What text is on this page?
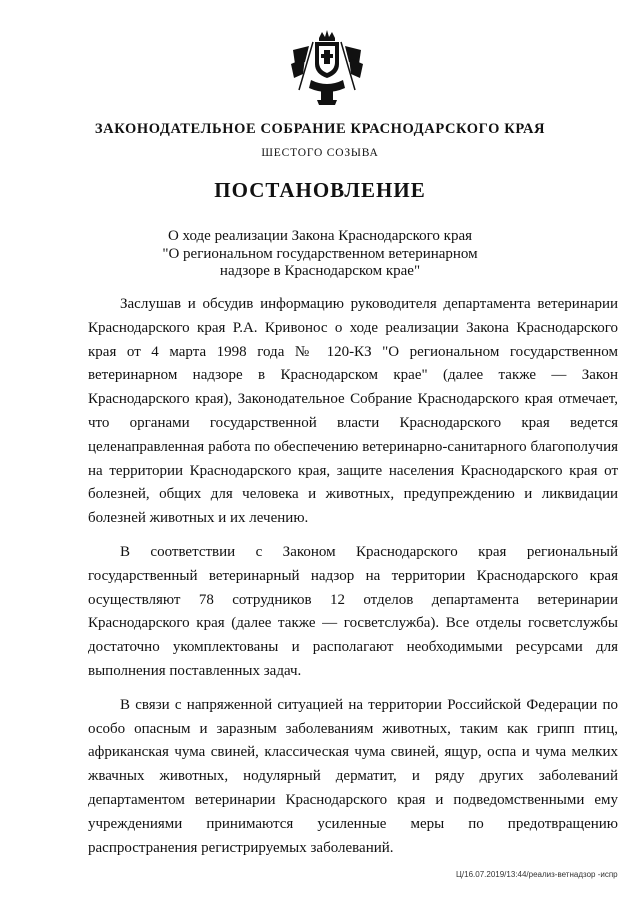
ЗАКОНОДАТЕЛЬНОЕ СОБРАНИЕ КРАСНОДАРСКОГО КРАЯ
ШЕСТОГО СОЗЫВА
ПОСТАНОВЛЕНИЕ
О ходе реализации Закона Краснодарского края
"О региональном государственном ветеринарном
надзоре в Краснодарском крае"

Заслушав и обсудив информацию руководителя департамента ветеринарии Краснодарского края Р.А. Кривонос о ходе реализации Закона Краснодарского края от 4 марта 1998 года № 120-КЗ "О региональном государственном ветеринарном надзоре в Краснодарском крае" (далее также — Закон Краснодарского края), Законодательное Собрание Краснодарского края отмечает, что органами государственной власти Краснодарского края ведется целенаправленная работа по обеспечению ветеринарно-санитарного благополучия на территории Краснодарского края, защите населения Краснодарского края от болезней, общих для человека и животных, предупреждению и ликвидации болезней животных и их лечению.

В соответствии с Законом Краснодарского края региональный государственный ветеринарный надзор на территории Краснодарского края осуществляют 78 сотрудников 12 отделов департамента ветеринарии Краснодарского края (далее также — госветслужба). Все отделы госветслужбы достаточно укомплектованы и располагают необходимыми ресурсами для выполнения поставленных задач.

В связи с напряженной ситуацией на территории Российской Федерации по особо опасным и заразным заболеваниям животных, таким как грипп птиц, африканская чума свиней, классическая чума свиней, ящур, оспа и чума мелких жвачных животных, нодулярный дерматит, и ряду других заболеваний департаментом ветеринарии Краснодарского края и подведомственными ему учреждениями принимаются усиленные меры по предотвращению распространения регистрируемых заболеваний.

Ц/16.07.2019/13:44/реализ-ветнадзор -испр
